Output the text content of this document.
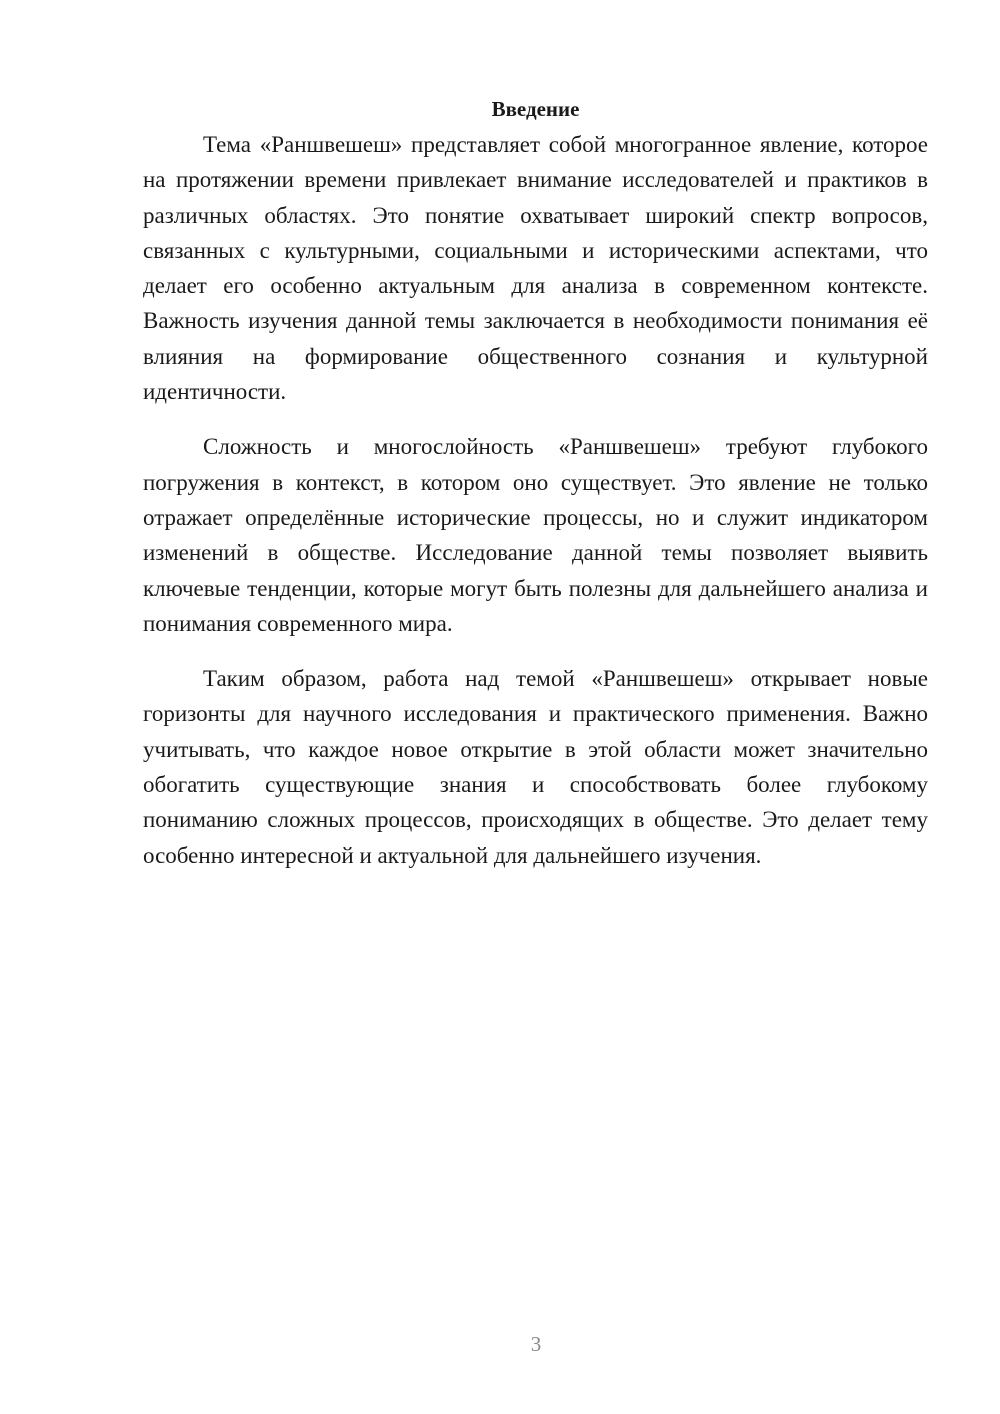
Введение

Тема «Раншвешеш» представляет собой многогранное явление, которое на протяжении времени привлекает внимание исследователей и практиков в различных областях. Это понятие охватывает широкий спектр вопросов, связанных с культурными, социальными и историческими аспектами, что делает его особенно актуальным для анализа в современном контексте. Важность изучения данной темы заключается в необходимости понимания её влияния на формирование общественного сознания и культурной идентичности.

Сложность и многослойность «Раншвешеш» требуют глубокого погружения в контекст, в котором оно существует. Это явление не только отражает определённые исторические процессы, но и служит индикатором изменений в обществе. Исследование данной темы позволяет выявить ключевые тенденции, которые могут быть полезны для дальнейшего анализа и понимания современного мира.

Таким образом, работа над темой «Раншвешеш» открывает новые горизонты для научного исследования и практического применения. Важно учитывать, что каждое новое открытие в этой области может значительно обогатить существующие знания и способствовать более глубокому пониманию сложных процессов, происходящих в обществе. Это делает тему особенно интересной и актуальной для дальнейшего изучения.

3
